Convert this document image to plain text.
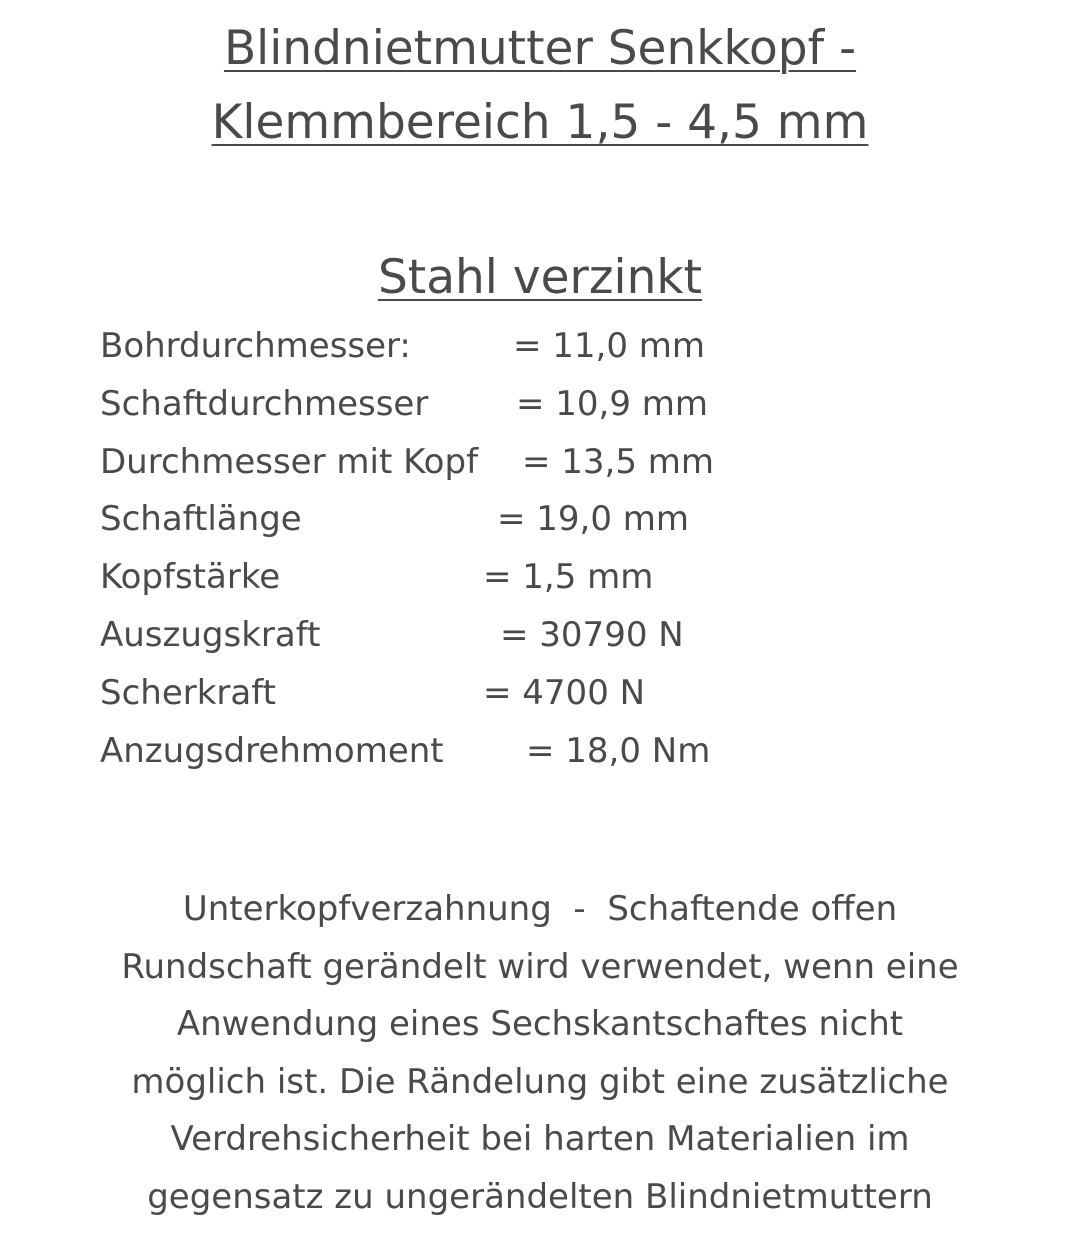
Blindnietmutter Senkkopf -
Klemmbereich 1,5 - 4,5 mm
Stahl verzinkt
Bohrdurchmesser:	= 11,0 mm
Schaftdurchmesser	= 10,9 mm
Durchmesser mit Kopf = 13,5 mm
Schaftlänge	= 19,0 mm
Kopfstärke	= 1,5 mm
Auszugskraft	= 30790 N
Scherkraft	= 4700 N
Anzugsdrehmoment = 18,0 Nm

Unterkopfverzahnung  -  Schaftende offen
Rundschaft gerändelt wird verwendet, wenn eine
Anwendung eines Sechskantschaftes nicht
möglich ist. Die Rändelung gibt eine zusätzliche
Verdrehsicherheit bei harten Materialien im
gegensatz zu ungerändelten Blindnietmuttern
